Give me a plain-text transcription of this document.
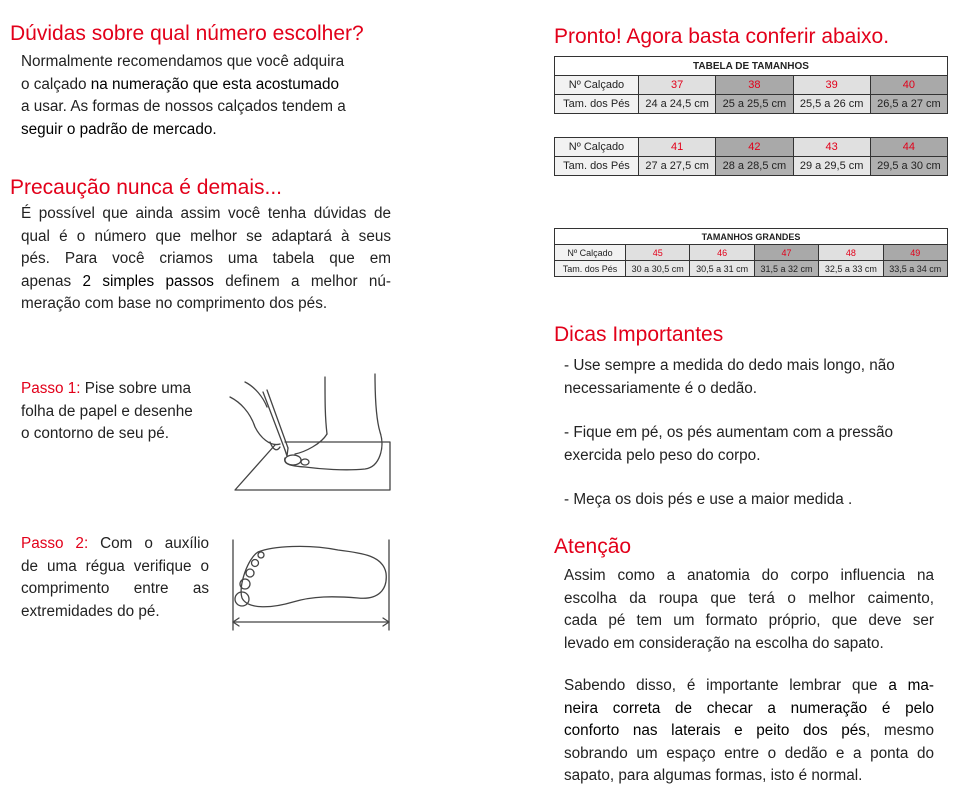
Dúvidas sobre qual número escolher?
Normalmente recomendamos que você adquira
o calçado na numeração que esta acostumado
a usar. As formas de nossos calçados tendem a
seguir o padrão de mercado.
Precaução nunca é demais...
É possível que ainda assim você tenha dúvidas de
qual é o número que melhor se adaptará à seus
pés. Para você criamos uma tabela que em
apenas 2 simples passos definem a melhor nú-
meração com base no comprimento dos pés.
Passo 1: Pise sobre uma
folha de papel e desenhe
o contorno de seu pé.
Passo 2: Com o auxílio
de uma régua verifique o
comprimento entre as
extremidades do pé.
Pronto! Agora basta conferir abaixo.
TABELA DE TAMANHOS				
Nº Calçado	37	38	39	40
Tam. dos Pés	24 a 24,5 cm	25 a 25,5 cm	25,5 a 26 cm	26,5 a 27 cm
Nº Calçado	41	42	43	44
Tam. dos Pés	27 a 27,5 cm	28 a 28,5 cm	29 a 29,5 cm	29,5 a 30 cm
TAMANHOS GRANDES					
Nº Calçado	45	46	47	48	49
Tam. dos Pés	30 a 30,5 cm	30,5 a 31 cm	31,5 a 32 cm	32,5 a 33 cm	33,5 a 34 cm
Dicas Importantes
- Use sempre a medida do dedo mais longo, não
necessariamente é o dedão.
- Fique em pé, os pés aumentam com a pressão
exercida pelo peso do corpo.
- Meça os dois pés e use a maior medida .
Atenção
Assim como a anatomia do corpo influencia na
escolha da roupa que terá o melhor caimento,
cada pé tem um formato próprio, que deve ser
levado em consideração na escolha do sapato.
Sabendo disso, é importante lembrar que a ma-
neira correta de checar a numeração é pelo
conforto nas laterais e peito dos pés, mesmo
sobrando um espaço entre o dedão e a ponta do
sapato, para algumas formas, isto é normal.
